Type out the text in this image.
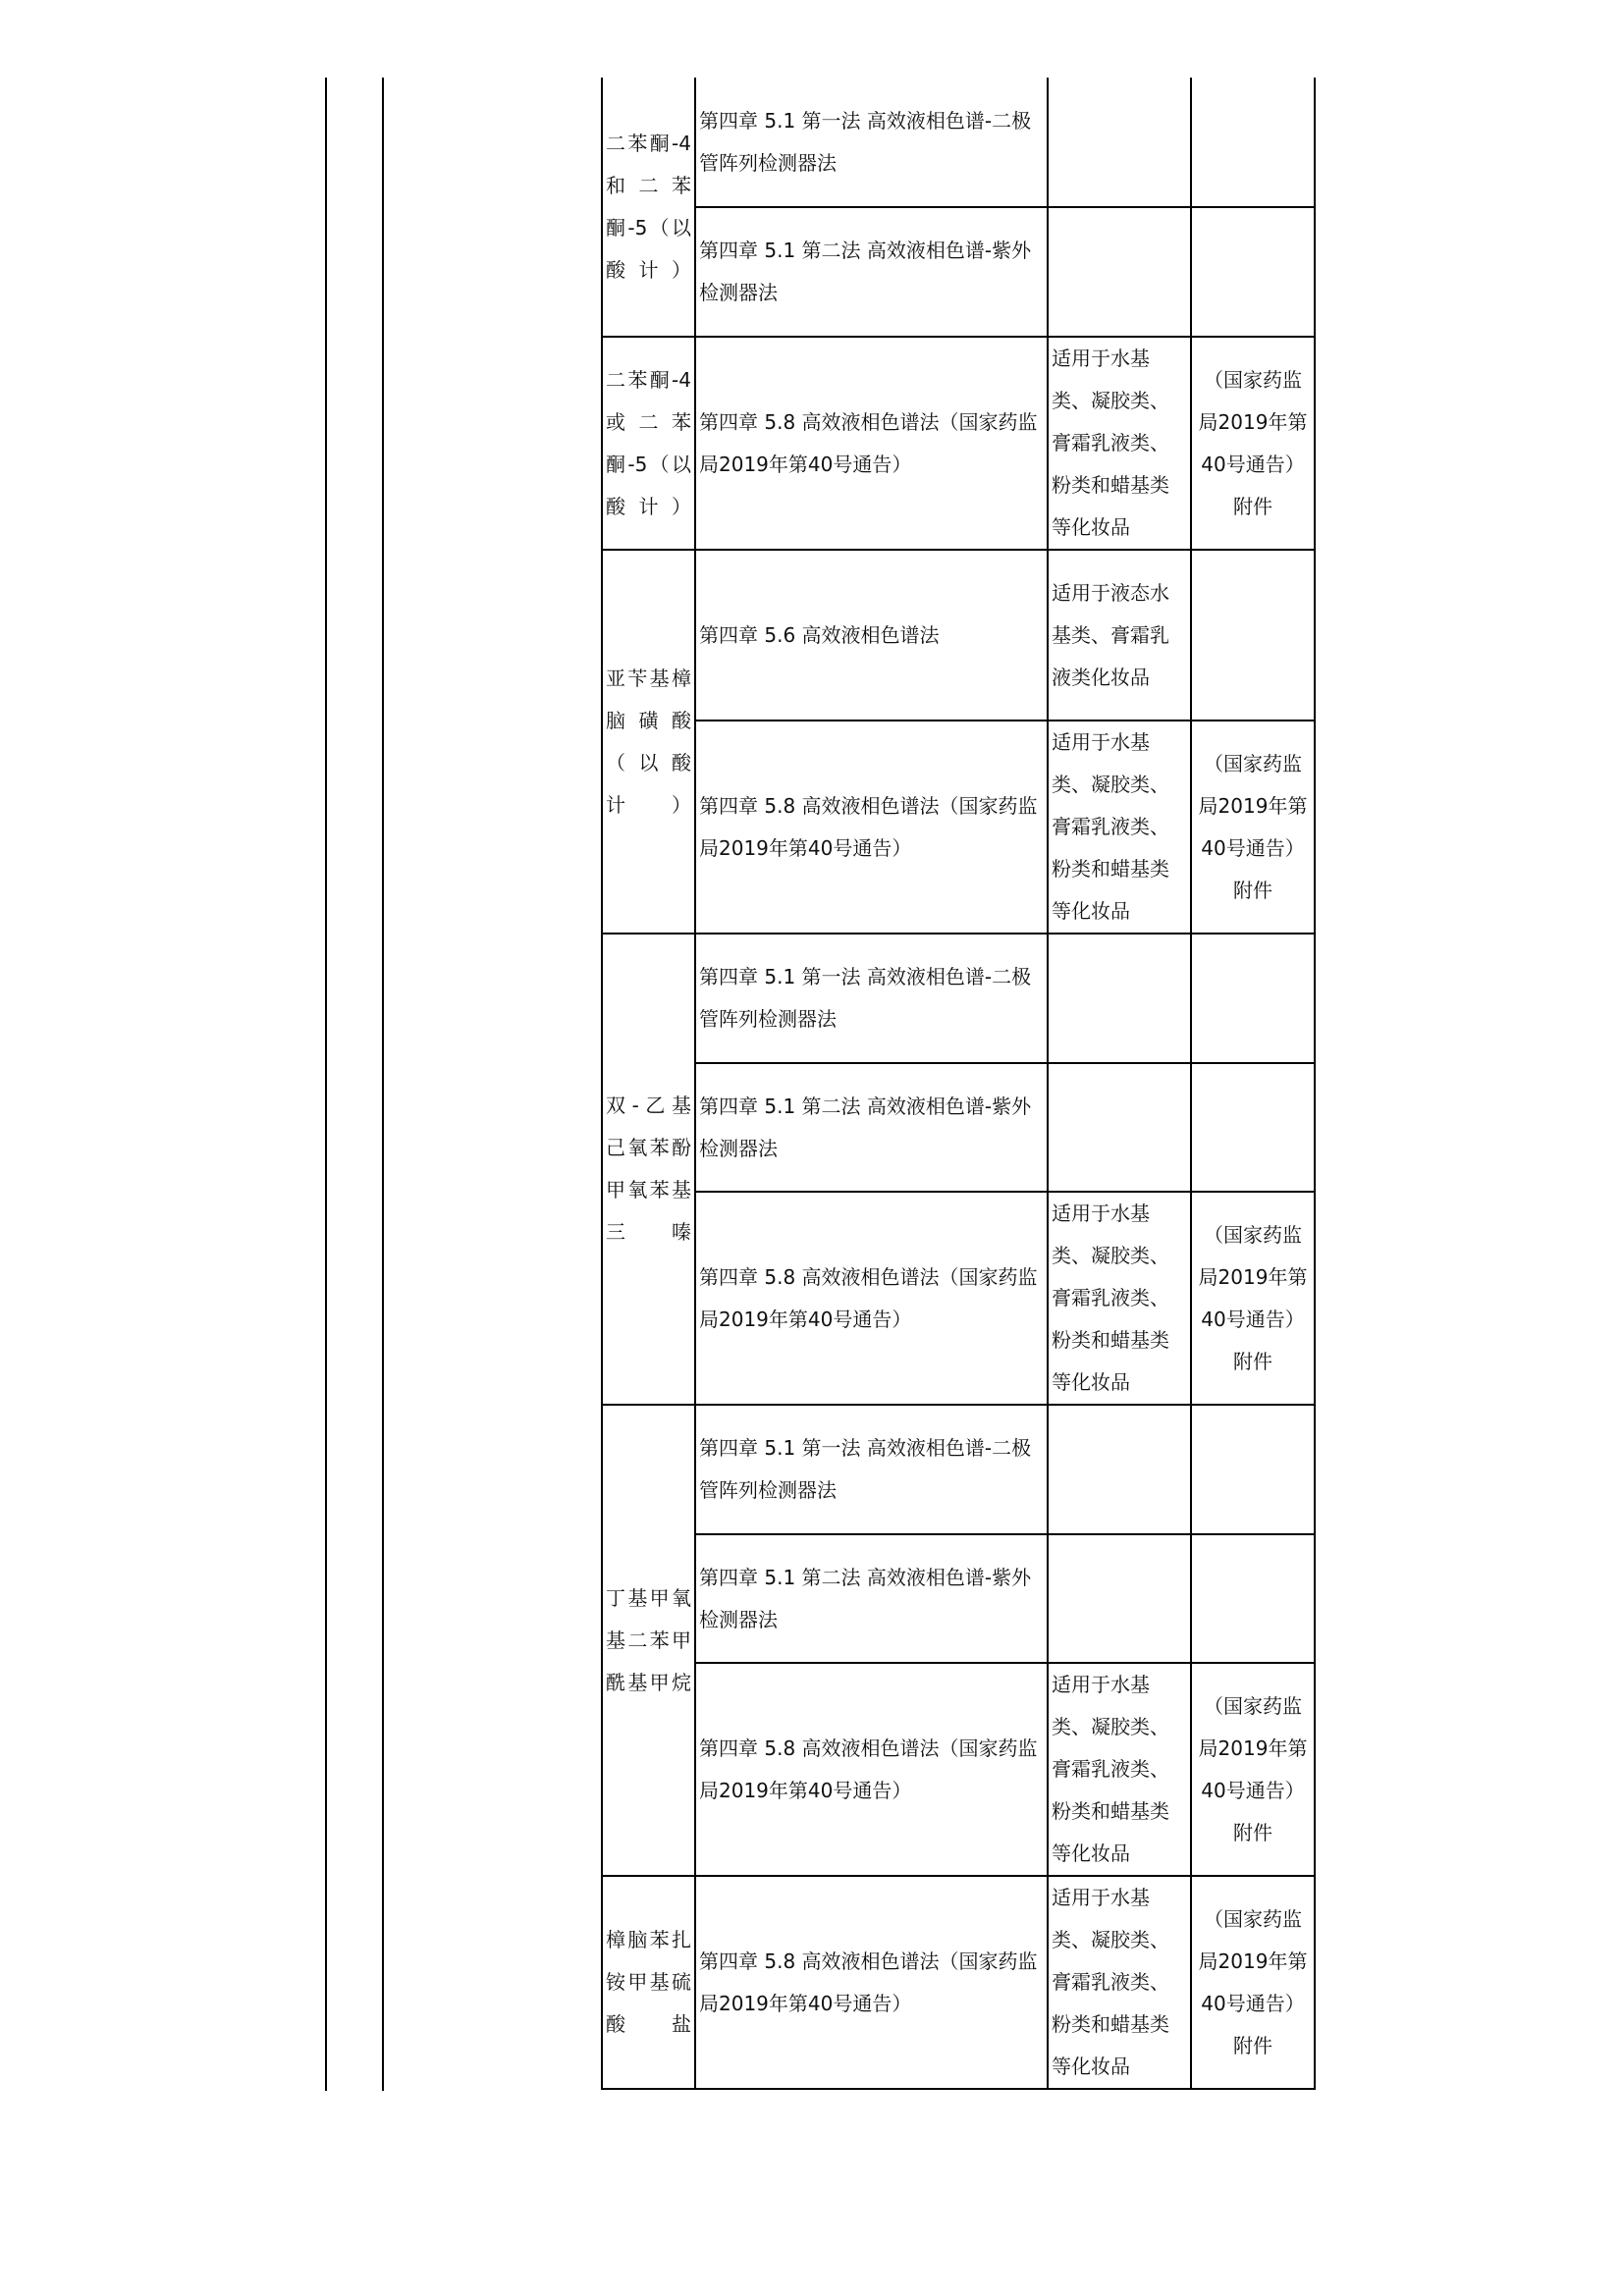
二苯酮-4和二苯酮-5（以酸计）	第四章 5.1 第一法 高效液相色谱-二极管阵列检测器法		
	第四章 5.1 第二法 高效液相色谱-紫外检测器法		
二苯酮-4或二苯酮-5（以酸计）	第四章 5.8 高效液相色谱法（国家药监局2019年第40号通告）	适用于水基类、凝胶类、膏霜乳液类、粉类和蜡基类等化妆品	（国家药监局2019年第40号通告）附件
亚苄基樟脑磺酸（以酸计）	第四章 5.6 高效液相色谱法	适用于液态水基类、膏霜乳液类化妆品	
	第四章 5.8 高效液相色谱法（国家药监局2019年第40号通告）	适用于水基类、凝胶类、膏霜乳液类、粉类和蜡基类等化妆品	（国家药监局2019年第40号通告）附件
双-乙基己氧苯酚甲氧苯基三嗪	第四章 5.1 第一法 高效液相色谱-二极管阵列检测器法		
	第四章 5.1 第二法 高效液相色谱-紫外检测器法		
	第四章 5.8 高效液相色谱法（国家药监局2019年第40号通告）	适用于水基类、凝胶类、膏霜乳液类、粉类和蜡基类等化妆品	（国家药监局2019年第40号通告）附件
丁基甲氧基二苯甲酰基甲烷	第四章 5.1 第一法 高效液相色谱-二极管阵列检测器法		
	第四章 5.1 第二法 高效液相色谱-紫外检测器法		
	第四章 5.8 高效液相色谱法（国家药监局2019年第40号通告）	适用于水基类、凝胶类、膏霜乳液类、粉类和蜡基类等化妆品	（国家药监局2019年第40号通告）附件
樟脑苯扎铵甲基硫酸盐	第四章 5.8 高效液相色谱法（国家药监局2019年第40号通告）	适用于水基类、凝胶类、膏霜乳液类、粉类和蜡基类等化妆品	（国家药监局2019年第40号通告）附件
